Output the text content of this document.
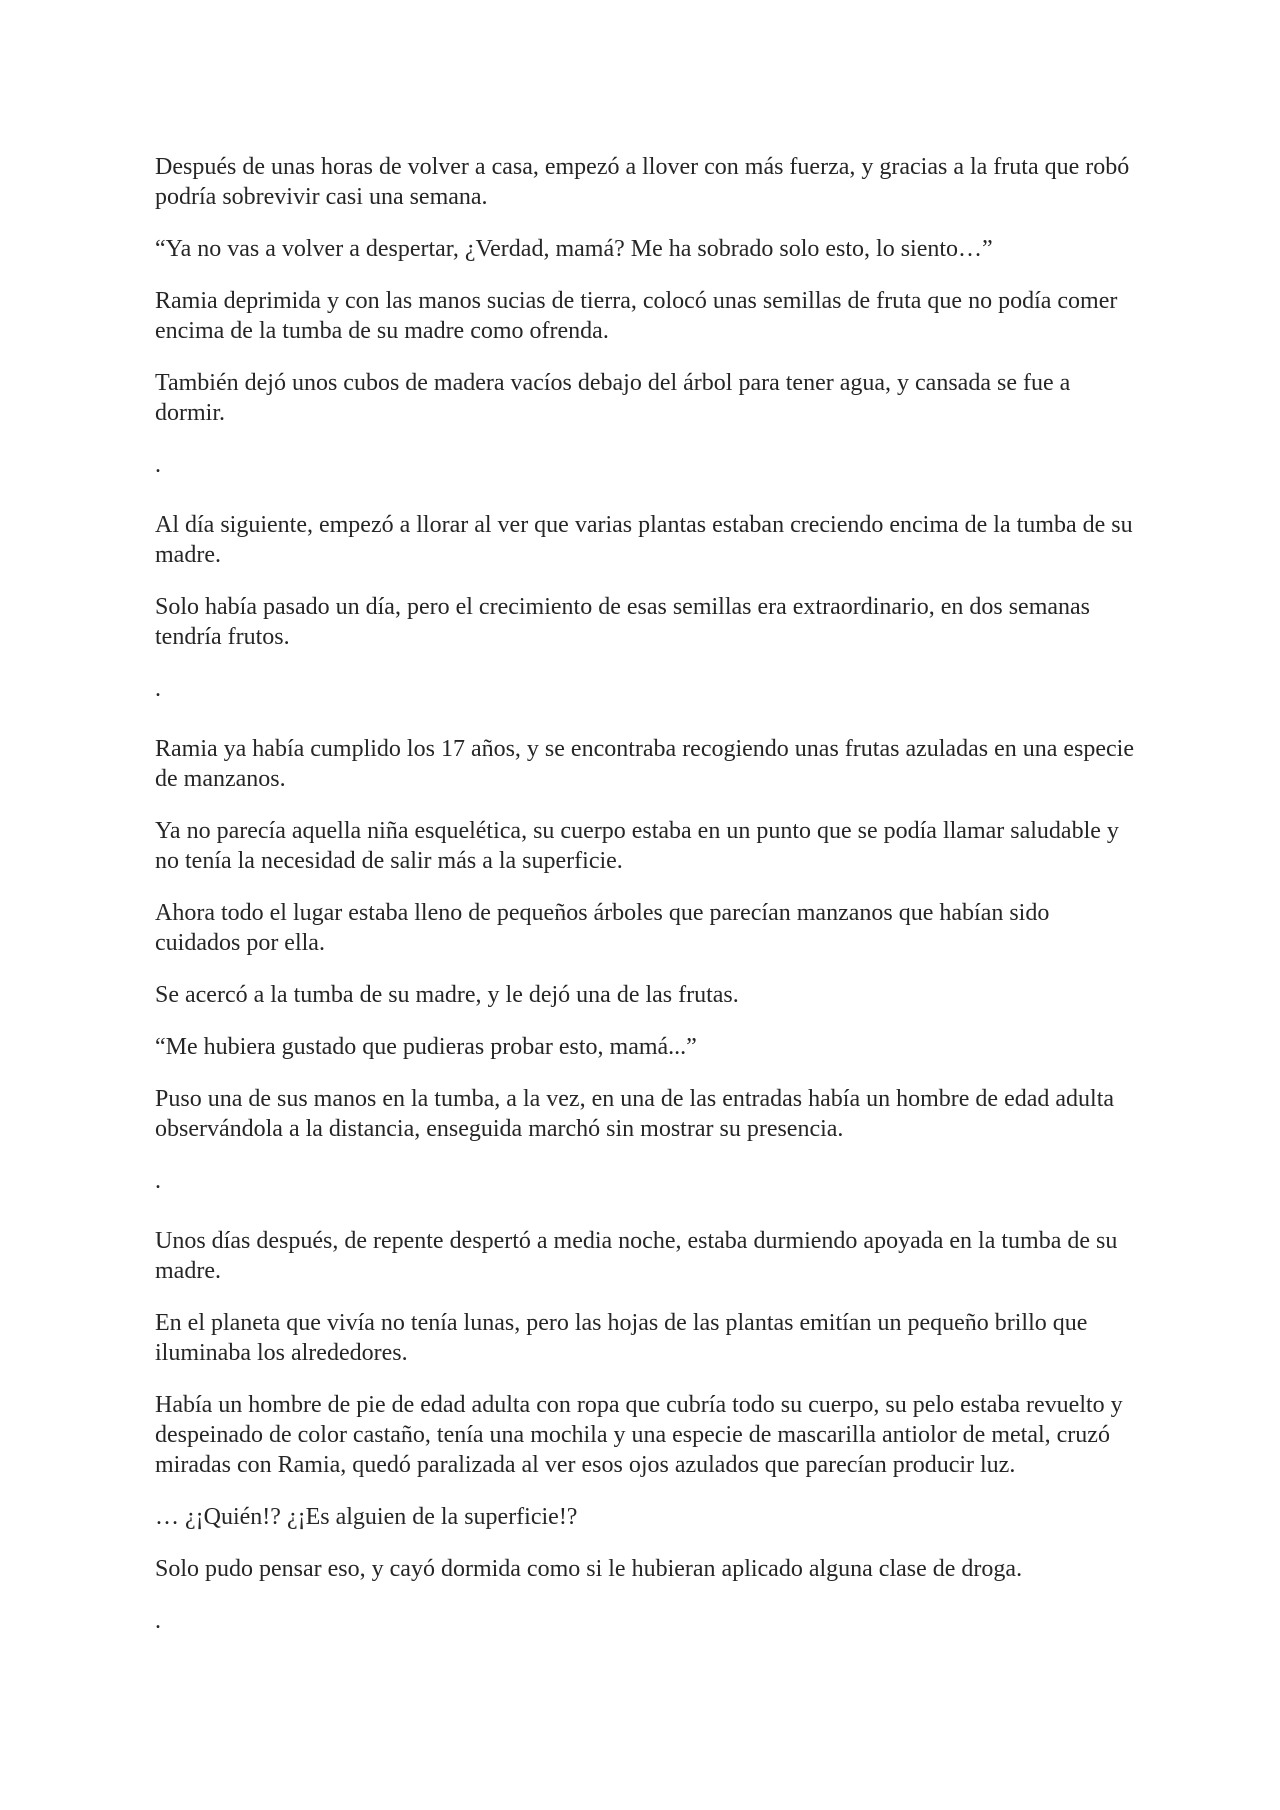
Después de unas horas de volver a casa, empezó a llover con más fuerza, y gracias a la fruta que robó podría sobrevivir casi una semana.

“Ya no vas a volver a despertar, ¿Verdad, mamá? Me ha sobrado solo esto, lo siento…”

Ramia deprimida y con las manos sucias de tierra, colocó unas semillas de fruta que no podía comer encima de la tumba de su madre como ofrenda.

También dejó unos cubos de madera vacíos debajo del árbol para tener agua, y cansada se fue a dormir.

.

Al día siguiente, empezó a llorar al ver que varias plantas estaban creciendo encima de la tumba de su madre.

Solo había pasado un día, pero el crecimiento de esas semillas era extraordinario, en dos semanas tendría frutos.

.

Ramia ya había cumplido los 17 años, y se encontraba recogiendo unas frutas azuladas en una especie de manzanos.

Ya no parecía aquella niña esquelética, su cuerpo estaba en un punto que se podía llamar saludable y no tenía la necesidad de salir más a la superficie.

Ahora todo el lugar estaba lleno de pequeños árboles que parecían manzanos que habían sido cuidados por ella.

Se acercó a la tumba de su madre, y le dejó una de las frutas.

“Me hubiera gustado que pudieras probar esto, mamá...”

Puso una de sus manos en la tumba, a la vez, en una de las entradas había un hombre de edad adulta observándola a la distancia, enseguida marchó sin mostrar su presencia.

.

Unos días después, de repente despertó a media noche, estaba durmiendo apoyada en la tumba de su madre.

En el planeta que vivía no tenía lunas, pero las hojas de las plantas emitían un pequeño brillo que iluminaba los alrededores.

Había un hombre de pie de edad adulta con ropa que cubría todo su cuerpo, su pelo estaba revuelto y despeinado de color castaño, tenía una mochila y una especie de mascarilla antiolor de metal, cruzó miradas con Ramia, quedó paralizada al ver esos ojos azulados que parecían producir luz.

… ¿¡Quién!? ¿¡Es alguien de la superficie!?

Solo pudo pensar eso, y cayó dormida como si le hubieran aplicado alguna clase de droga.

.
